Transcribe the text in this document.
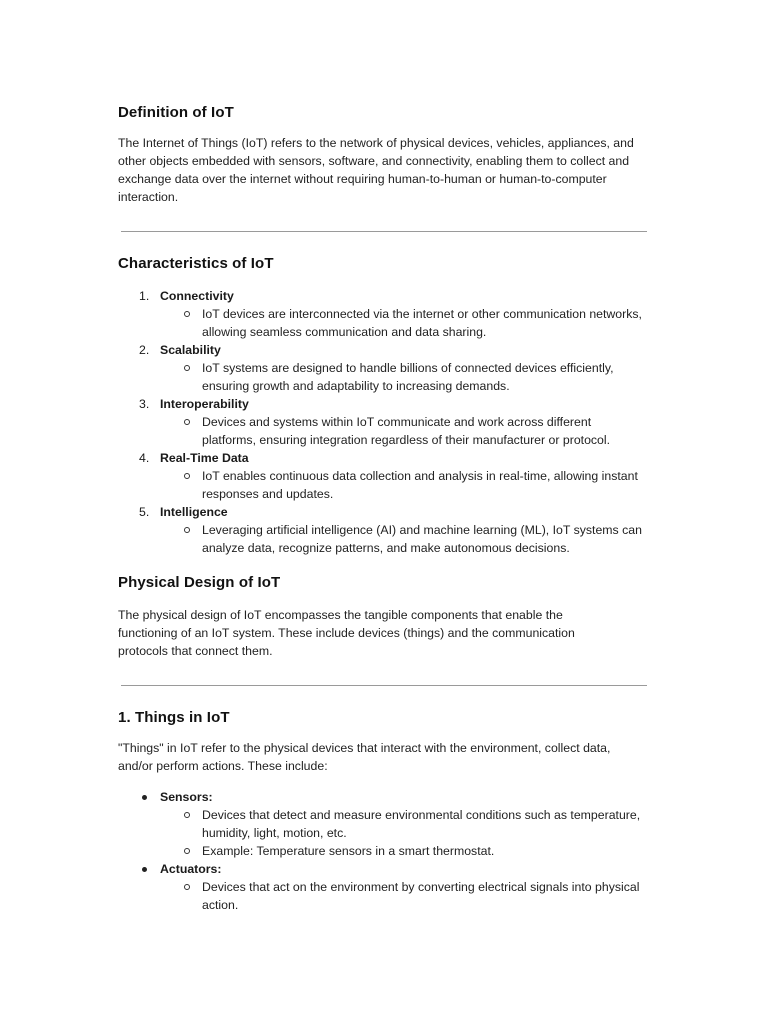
Definition of IoT

The Internet of Things (IoT) refers to the network of physical devices, vehicles, appliances, and other objects embedded with sensors, software, and connectivity, enabling them to collect and exchange data over the internet without requiring human-to-human or human-to-computer interaction.

Characteristics of IoT
1. Connectivity
IoT devices are interconnected via the internet or other communication networks, allowing seamless communication and data sharing.
2. Scalability
IoT systems are designed to handle billions of connected devices efficiently, ensuring growth and adaptability to increasing demands.
3. Interoperability
Devices and systems within IoT communicate and work across different platforms, ensuring integration regardless of their manufacturer or protocol.
4. Real-Time Data
IoT enables continuous data collection and analysis in real-time, allowing instant responses and updates.
5. Intelligence
Leveraging artificial intelligence (AI) and machine learning (ML), IoT systems can analyze data, recognize patterns, and make autonomous decisions.
Physical Design of IoT

The physical design of IoT encompasses the tangible components that enable the functioning of an IoT system. These include devices (things) and the communication protocols that connect them.

1. Things in IoT

"Things" in IoT refer to the physical devices that interact with the environment, collect data, and/or perform actions. These include:

Sensors:
Devices that detect and measure environmental conditions such as temperature, humidity, light, motion, etc.
Example: Temperature sensors in a smart thermostat.
Actuators:
Devices that act on the environment by converting electrical signals into physical action.
